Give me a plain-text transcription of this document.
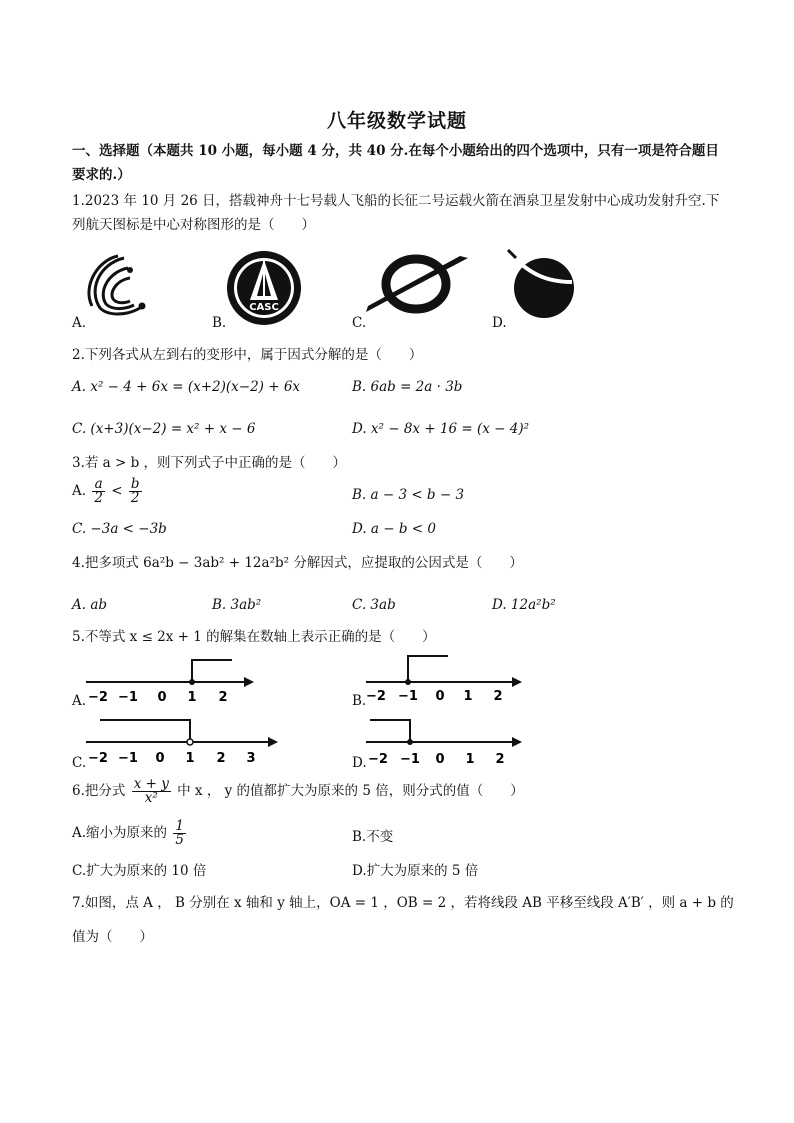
八年级数学试题
一、选择题（本题共 10 小题，每小题 4 分，共 40 分.在每个小题给出的四个选项中，只有一项是符合题目
要求的.）
1.2023 年 10 月 26 日，搭载神舟十七号载人飞船的长征二号运载火箭在酒泉卫星发射中心成功发射升空.下
列航天图标是中心对称图形的是（　　）
A.
CASC
B.	C.	D.
2.下列各式从左到右的变形中，属于因式分解的是（　　）
A. x² − 4 + 6x = (x+2)(x−2) + 6x	B. 6ab = 2a · 3b
C. (x+3)(x−2) = x² + x − 6	D. x² − 8x + 16 = (x − 4)²
3.若 a > b ，则下列式子中正确的是（　　）
A. $\frac{a}{2} < \frac{b}{2}$	B. a − 3 < b − 3
C. −3a < −3b	D. a − b < 0
4.把多项式 6a²b − 3ab² + 12a²b² 分解因式，应提取的公因式是（　　）
A. ab	B. 3ab²	C. 3ab	D. 12a²b²
5.不等式 x ≤ 2x + 1 的解集在数轴上表示正确的是（　　）
A. −2 −1 0 1 2	B. −2 −1 0 1 2
C. −2 −1 0 1 2 3	D. −2 −1 0 1 2
6.把分式 $\frac{x + y}{\text{x²}}$ 中 x ， y 的值都扩大为原来的 5 倍，则分式的值（　　）
A.缩小为原来的 $\frac{1}{5}$	B.不变
C.扩大为原来的 10 倍	D.扩大为原来的 5 倍
7.如图，点 A ， B 分别在 x 轴和 y 轴上，OA = 1 ，OB = 2 ，若将线段 AB 平移至线段 A′B′ ，则 a + b 的
值为（　　）
